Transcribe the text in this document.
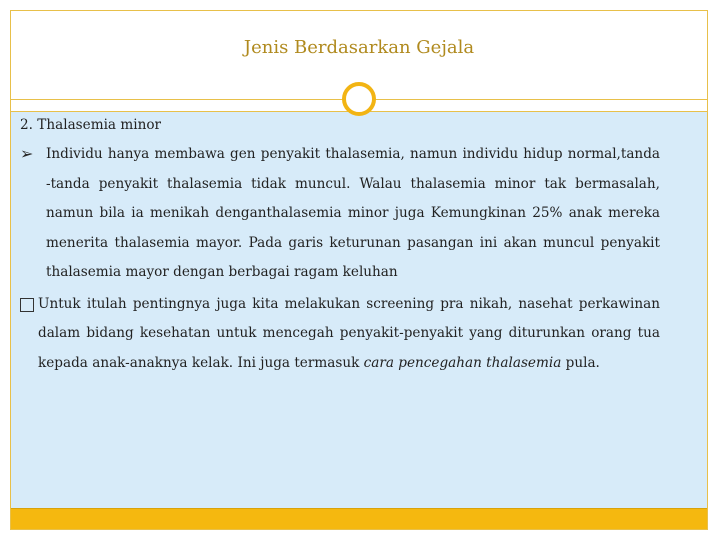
Jenis Berdasarkan Gejala
2. Thalasemia minor
➢ Individu hanya membawa gen penyakit thalasemia, namun individu hidup normal,tanda -tanda penyakit thalasemia tidak muncul. Walau thalasemia minor tak bermasalah, namun bila ia menikah denganthalasemia minor juga Kemungkinan 25% anak mereka menerita thalasemia mayor. Pada garis keturunan pasangan ini akan muncul penyakit thalasemia mayor dengan berbagai ragam keluhan
Untuk itulah pentingnya juga kita melakukan screening pra nikah, nasehat perkawinan dalam bidang kesehatan untuk mencegah penyakit-penyakit yang diturunkan orang tua kepada anak-anaknya kelak. Ini juga termasuk cara pencegahan thalasemia pula.
